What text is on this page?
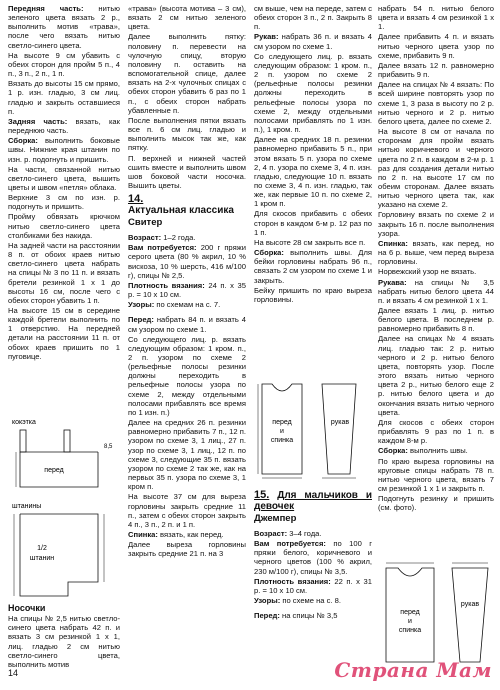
Передняя часть: нитью зеленого цвета вязать 2 р., выполнить мотив «трава», после чего вязать нитью светло-синего цвета.

На высоте 9 см убавить с обеих сторон для пройм 5 п., 4 п., 3 п., 2 п., 1 п.

Вязать до высоты 15 см прямо, 1 р. изн. гладью, 3 см лиц. гладью и закрыть оставшиеся п.

Задняя часть: вязать, как переднюю часть.

Сборка: выполнить боковые швы. Нижние края штанин по изн. р. подогнуть и пришить.

На части, связанной нитью светло-синего цвета, вышить цветы и швом «петля» облака.

Верхние 3 см по изн. р. подогнуть и пришить.

Пройму обвязать крючком нитью светло-синего цвета столбиками без накида.

На задней части на расстоянии 8 п. от обоих краев нитью светло-синего цвета набрать на спицы № 3 по 11 п. и вязать бретели резинкой 1 x 1 до высоты 16 см, после чего с обеих сторон убавить 1 п.

На высоте 15 см в середине каждой бретели выполнить по 1 отверстию. На передней детали на расстоянии 11 п. от обоих краев пришить по 1 пуговице.

кокэтка
перед
8,5
штанины
1/2
штанин

Носочки

На спицы № 2,5 нитью светло-синего цвета набрать 42 п. и вязать 3 см резинкой 1 x 1, лиц. гладью 2 см нитью светло-синего цвета, выполнить мотив

«трава» (высота мотива – 3 см), вязать 2 см нитью зеленого цвета.

Далее выполнить пятку: половину п. перевести на чулочную спицу, вторую половину п. оставить на вспомогательной спице, далее вязать на 2-х чулочных спицах с обеих сторон убавить 6 раз по 1 п., с обеих сторон набрать убавленные п.

После выполнения пятки вязать все п. 6 см лиц. гладью и выполнить мысок так же, как пятку.

П. верхней и нижней частей сшить вместе и выполнить швом шов боковой части носочка. Вышить цветы.

14.
Актуальная классика

Свитер

Возраст: 1–2 года.

Вам потребуется: 200 г пряжи серого цвета (80 % акрил, 10 % вискоза, 10 % шерсть, 416 м/100 г), спицы № 2,5.

Плотность вязания: 24 п. x 35 р. = 10 x 10 см.

Узоры: по схемам на с. 7.

Перед: набрать 84 п. и вязать 4 см узором по схеме 1.

Со следующего лиц. р. вязать следующим образом: 1 кром. п., 2 п. узором по схеме 2 (рельефные полосы резинки должны переходить в рельефные полосы узора по схеме 2, между отдельными полосами прибавлять все время по 1 изн. п.)

Далее на средних 26 п. резинки равномерно прибавить 7 п., 12 п. узором по схеме 3, 1 лиц., 27 п. узор по схеме 3, 1 лиц., 12 п. по схеме 3, следующие 35 п. вязать узором по схеме 2 так же, как на первых 35 п. узора по схеме 3, 1 кром п.

На высоте 37 см для выреза горловины закрыть средние 11 п., затем с обеих сторон закрыть 4 п., 3 п., 2 п. и 1 п.

Спинка: вязать, как перед.

Далее выреза горловины закрыть средние 21 п. на 3

см выше, чем на переде, затем с обеих сторон 3 п., 2 п. Закрыть 8 п.

Рукав: набрать 36 п. и вязать 4 см узором по схеме 1.

Со следующего лиц. р. вязать следующим образом: 1 кром. п., 2 п. узором по схеме 2 (рельефные полосы резинки должны переходить в рельефные полосы узора по схеме 2, между отдельными полосами прибавлять по 1 изн. п.), 1 кром. п.

Далее на средних 18 п. резинки равномерно прибавить 5 п., при этом вязать 5 п. узора по схеме 2, 4 п. узора по схеме 3, 4 п. изн. гладью, следующие 10 п. вязать по схеме 3, 4 п. изн. гладью, так же, как первые 10 п. по схеме 2, 1 кром п.

Для скосов прибавить с обеих сторон в каждом 6-м р. 12 раз по 1 п.

На высоте 28 см закрыть все п.

Сборка: выполнить швы. Для бейки горловины набрать 96 п., связать 2 см узором по схеме 1 и закрыть.

Бейку пришить по краю выреза горловины.

перед
и
спинка
рукав

15. Для мальчиков и девочек

Джемпер

Возраст: 3–4 года.

Вам потребуется: по 100 г пряжи белого, коричневого и черного цветов (100 % акрил, 230 м/100 г), спицы № 3,5.

Плотность вязания: 22 п. x 31 р. = 10 x 10 см.

Узоры: по схеме на с. 8.

Перед: на спицы № 3,5

набрать 54 п. нитью белого цвета и вязать 4 см резинкой 1 x 1.

Далее прибавить 4 п. и вязать нитью черного цвета узор по схеме, прибавить 9 п.

Далее вязать 12 п. равномерно прибавить 9 п.

Далее на спицах № 4 вязать: По всей ширине повторять узор по схеме 1, 3 раза в высоту по 2 р. нитью черного и 2 р. нитью белого цвета, далее по схеме 2.

На высоте 8 см от начала по сторонам для пройм вязать нитью коричневого и черного цвета по 2 п. в каждом в 2-м р. 1 раз для создания детали нитью по 2 п. на высоте 17 см по обеим сторонам. Далее вязать нитью черного цвета так, как указано на схеме 2.

Горловину вязать по схеме 2 и закрыть 16 п. после выполнения узора.

Спинка: вязать, как перед, но на 6 р. выше, чем перед выреза горловины.

Норвежский узор не вязать.

Рукава: на спицы № 3,5 набрать нитью белого цвета 44 п. и вязать 4 см резинкой 1 x 1.

Далее вязать 1 лиц. р. нитью белого цвета. В последнем р. равномерно прибавить 8 п.

Далее на спицах № 4 вязать лиц. гладью так: 2 р. нитью черного и 2 р. нитью белого цвета, повторять узор. После этого вязать нитью черного цвета 2 р., нитью белого еще 2 р. нитью белого цвета и до окончания вязать нитью черного цвета.

Для скосов с обеих сторон прибавлять 9 раз по 1 п. в каждом 8-м р.

Сборка: выполнить швы.

По краю выреза горловины на круговые спицы набрать 78 п. нитью черного цвета, вязать 7 см резинкой 1 x 1 и закрыть п.

Подогнуть резинку и пришить (см. фото).

перед
и
спинка
рукав
14	Страна Мам
